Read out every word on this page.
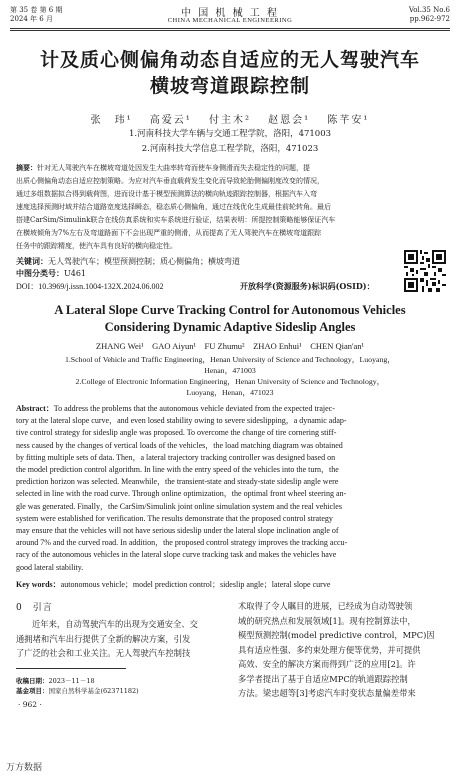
第 35 卷 第 6 期
2024 年 6 月	中 国 机 械 工 程
CHINA MECHANICAL ENGINEERING
Vol.35 No.6
pp.962-972
计及质心侧偏角动态自适应的无人驾驶汽车
横坡弯道跟踪控制
张　玮¹　 高爱云¹　 付主木²　 赵恩会¹　 陈芊安¹
1.河南科技大学车辆与交通工程学院，洛阳，471003
2.河南科技大学信息工程学院，洛阳，471023
摘要：针对无人驾驶汽车在横坡弯道处因发生大曲率转弯而使车身侧滑而失去稳定性的问题，提
出质心侧偏角动态自适应控制策略。为应对汽车垂直载荷发生变化而导致轮胎侧偏刚度改变的情况，
通过多组数据拟合得到载荷图，进而设计基于模型预测算法的横向轨迹跟踪控制器，根据汽车入弯
速度选择预测时域并结合道路宽度选择瞬态，稳态质心侧偏角，通过在线优化生成最佳前轮转角。最后
搭建CarSim/Simulink联合在线仿真系统和实车系统进行验证，结果表明：所提控制策略能够保证汽车
在横坡倾角为7%左右及弯道路面下不会出现严重的侧滑，从而提高了无人驾驶汽车在横坡弯道跟踪
任务中的跟踪精度，使汽车具有良好的横向稳定性。
关键词：无人驾驶汽车；模型预测控制；质心侧偏角；横坡弯道
中图分类号：U461
DOI：10.3969/j.issn.1004-132X.2024.06.002	开放科学(资源服务)标识码(OSID)：
A Lateral Slope Curve Tracking Control for Autonomous Vehicles
Considering Dynamic Adaptive Sideslip Angles
ZHANG Wei¹　GAO Aiyun¹　FU Zhumu²　ZHAO Enhui¹　CHEN Qian'an¹
1.School of Vehicle and Traffic Engineering，Henan University of Science and Technology，Luoyang，
Henan，471003
2.College of Electronic Information Engineering，Henan University of Science and Technology，
Luoyang，Henan，471023
Abstract：To address the problems that the autonomous vehicle deviated from the expected trajec-
tory at the lateral slope curve，and even losed stability owing to severe sideslipping，a dynamic adap-
tive control strategy for sideslip angle was proposed. To overcome the change of tire cornering stiff-
ness caused by the changes of vertical loads of the vehicles，the load matching diagram was obtained
by fitting multiple sets of data. Then，a lateral trajectory tracking controller was designed based on
the model prediction control algorithm. In line with the entry speed of the vehicles into the turn，the
prediction horizon was selected. Meanwhile，the transient-state and steady-state sideslip angle were
selected in line with the road curve. Through online optimization，the optimal front wheel steering an-
gle was generated. Finally，the CarSim/Simulink joint online simulation system and the real vehicles
system were established for verification. The results demonstrate that the proposed control strategy
may ensure that the vehicles will not have serious sideslip under the lateral slope inclination angle of
around 7% and the curved road. In addition，the proposed control strategy improves the tracking accu-
racy of the autonomous vehicles in the lateral slope curve tracking task and makes the vehicles have
good lateral stability.
Key words：autonomous vehicle；model prediction control；sideslip angle；lateral slope curve
0　引言
近年来，自动驾驶汽车的出现为交通安全、交
通拥堵和汽车出行提供了全新的解决方案，引发
了广泛的社会和工业关注。无人驾驶汽车控制技
术取得了令人瞩目的进展，已经成为自动驾驶领
域的研究热点和发展领域[1]。现有控制算法中，
模型预测控制(model predictive control，MPC)因
具有适应性强、多约束处理方便等优势，并可提供
高效、安全的解决方案而得到广泛的应用[2]。许
多学者提出了基于自适应MPC的轨道跟踪控制
方法。梁忠超等[3]考虑汽车时变状态量偏差带来
收稿日期：2023－11－18
基金项目：国家自然科学基金(62371182)
· 962 ·
万方数据
